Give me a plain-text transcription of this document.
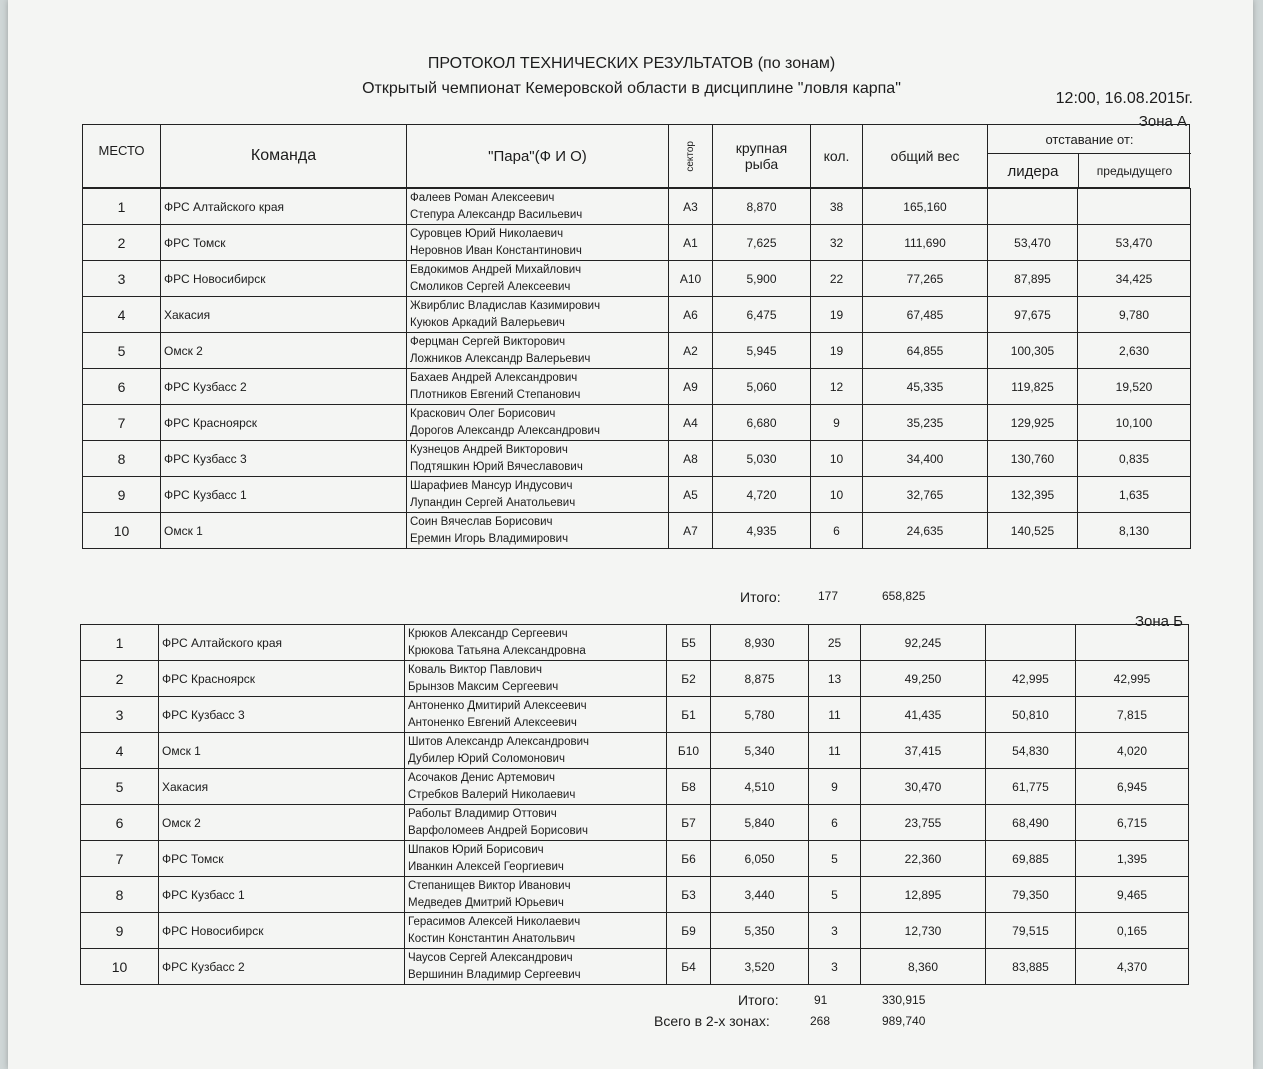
ПРОТОКОЛ ТЕХНИЧЕСКИХ РЕЗУЛЬТАТОВ (по зонам)
Открытый чемпионат Кемеровской области в дисциплине "ловля карпа"
12:00, 16.08.2015г.
Зона А
МЕСТО	Команда	"Пара"(Ф И О)	сектор	крупная рыба	кол.	общий вес
отставание от:
лидера	предыдущего
1	ФРС Алтайского края	Фалеев Роман Алексеевич
Степура Александр Васильевич	А3	8,870	38	165,160		
2	ФРС Томск	Суровцев Юрий Николаевич
Неровнов Иван Константинович	А1	7,625	32	111,690	53,470	53,470
3	ФРС Новосибирск	Евдокимов Андрей Михайлович
Смоликов Сергей Алексеевич	А10	5,900	22	77,265	87,895	34,425
4	Хакасия	Жвирблис Владислав Казимирович
Куюков Аркадий Валерьевич	А6	6,475	19	67,485	97,675	9,780
5	Омск 2	Ферцман Сергей Викторович
Ложников Александр Валерьевич	А2	5,945	19	64,855	100,305	2,630
6	ФРС Кузбасс 2	Бахаев Андрей Александрович
Плотников Евгений Степанович	А9	5,060	12	45,335	119,825	19,520
7	ФРС Красноярск	Краскович Олег Борисович
Дорогов Александр Александрович	А4	6,680	9	35,235	129,925	10,100
8	ФРС Кузбасс 3	Кузнецов Андрей Викторович
Подтяшкин Юрий Вячеславович	А8	5,030	10	34,400	130,760	0,835
9	ФРС Кузбасс 1	Шарафиев Мансур Индусович
Лупандин Сергей Анатольевич	А5	4,720	10	32,765	132,395	1,635
10	Омск 1	Соин Вячеслав Борисович
Еремин Игорь Владимирович	А7	4,935	6	24,635	140,525	8,130
Итого:	177	658,825
Зона Б
1	ФРС Алтайского края	Крюков Александр Сергеевич
Крюкова Татьяна Александровна	Б5	8,930	25	92,245		
2	ФРС Красноярск	Коваль Виктор Павлович
Брынзов Максим Сергеевич	Б2	8,875	13	49,250	42,995	42,995
3	ФРС Кузбасс 3	Антоненко Дмитирий Алексеевич
Антоненко Евгений Алексеевич	Б1	5,780	11	41,435	50,810	7,815
4	Омск 1	Шитов Александр Александрович
Дубилер Юрий Соломонович	Б10	5,340	11	37,415	54,830	4,020
5	Хакасия	Асочаков Денис Артемович
Стребков Валерий Николаевич	Б8	4,510	9	30,470	61,775	6,945
6	Омск 2	Рабольт Владимир Оттович
Варфоломеев Андрей Борисович	Б7	5,840	6	23,755	68,490	6,715
7	ФРС Томск	Шпаков Юрий Борисович
Иванкин Алексей Георгиевич	Б6	6,050	5	22,360	69,885	1,395
8	ФРС Кузбасс 1	Степанищев Виктор Иванович
Медведев Дмитрий Юрьевич	Б3	3,440	5	12,895	79,350	9,465
9	ФРС Новосибирск	Герасимов Алексей Николаевич
Костин Константин Анатольвич	Б9	5,350	3	12,730	79,515	0,165
10	ФРС Кузбасс 2	Чаусов Сергей Александрович
Вершинин Владимир Сергеевич	Б4	3,520	3	8,360	83,885	4,370
Итого:	91	330,915
Всего в 2-х зонах:	268	989,740
